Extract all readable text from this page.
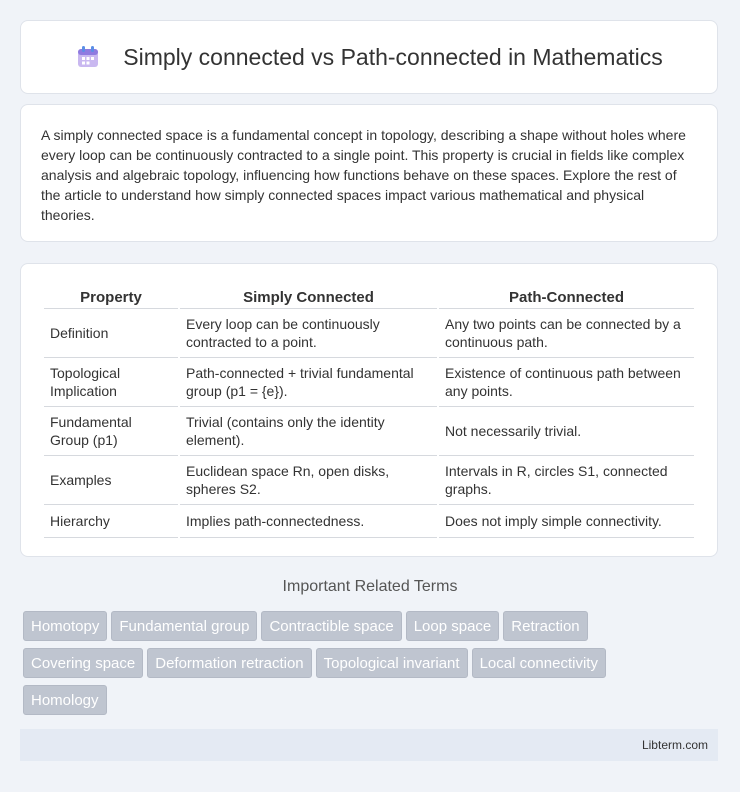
Simply connected vs Path-connected in Mathematics

A simply connected space is a fundamental concept in topology, describing a shape without holes where every loop can be continuously contracted to a single point. This property is crucial in fields like complex analysis and algebraic topology, influencing how functions behave on these spaces. Explore the rest of the article to understand how simply connected spaces impact various mathematical and physical theories.

Property	Simply Connected	Path-Connected
Definition	Every loop can be continuously contracted to a point.	Any two points can be connected by a continuous path.
Topological Implication	Path-connected + trivial fundamental group (p1 = {e}).	Existence of continuous path between any points.
Fundamental Group (p1)	Trivial (contains only the identity element).	Not necessarily trivial.
Examples	Euclidean space Rn, open disks, spheres S2.	Intervals in R, circles S1, connected graphs.
Hierarchy	Implies path-connectedness.	Does not imply simple connectivity.
Important Related Terms
Homotopy Fundamental group Contractible space Loop space Retraction
Covering space Deformation retraction Topological invariant Local connectivity
Homology
Libterm.com
